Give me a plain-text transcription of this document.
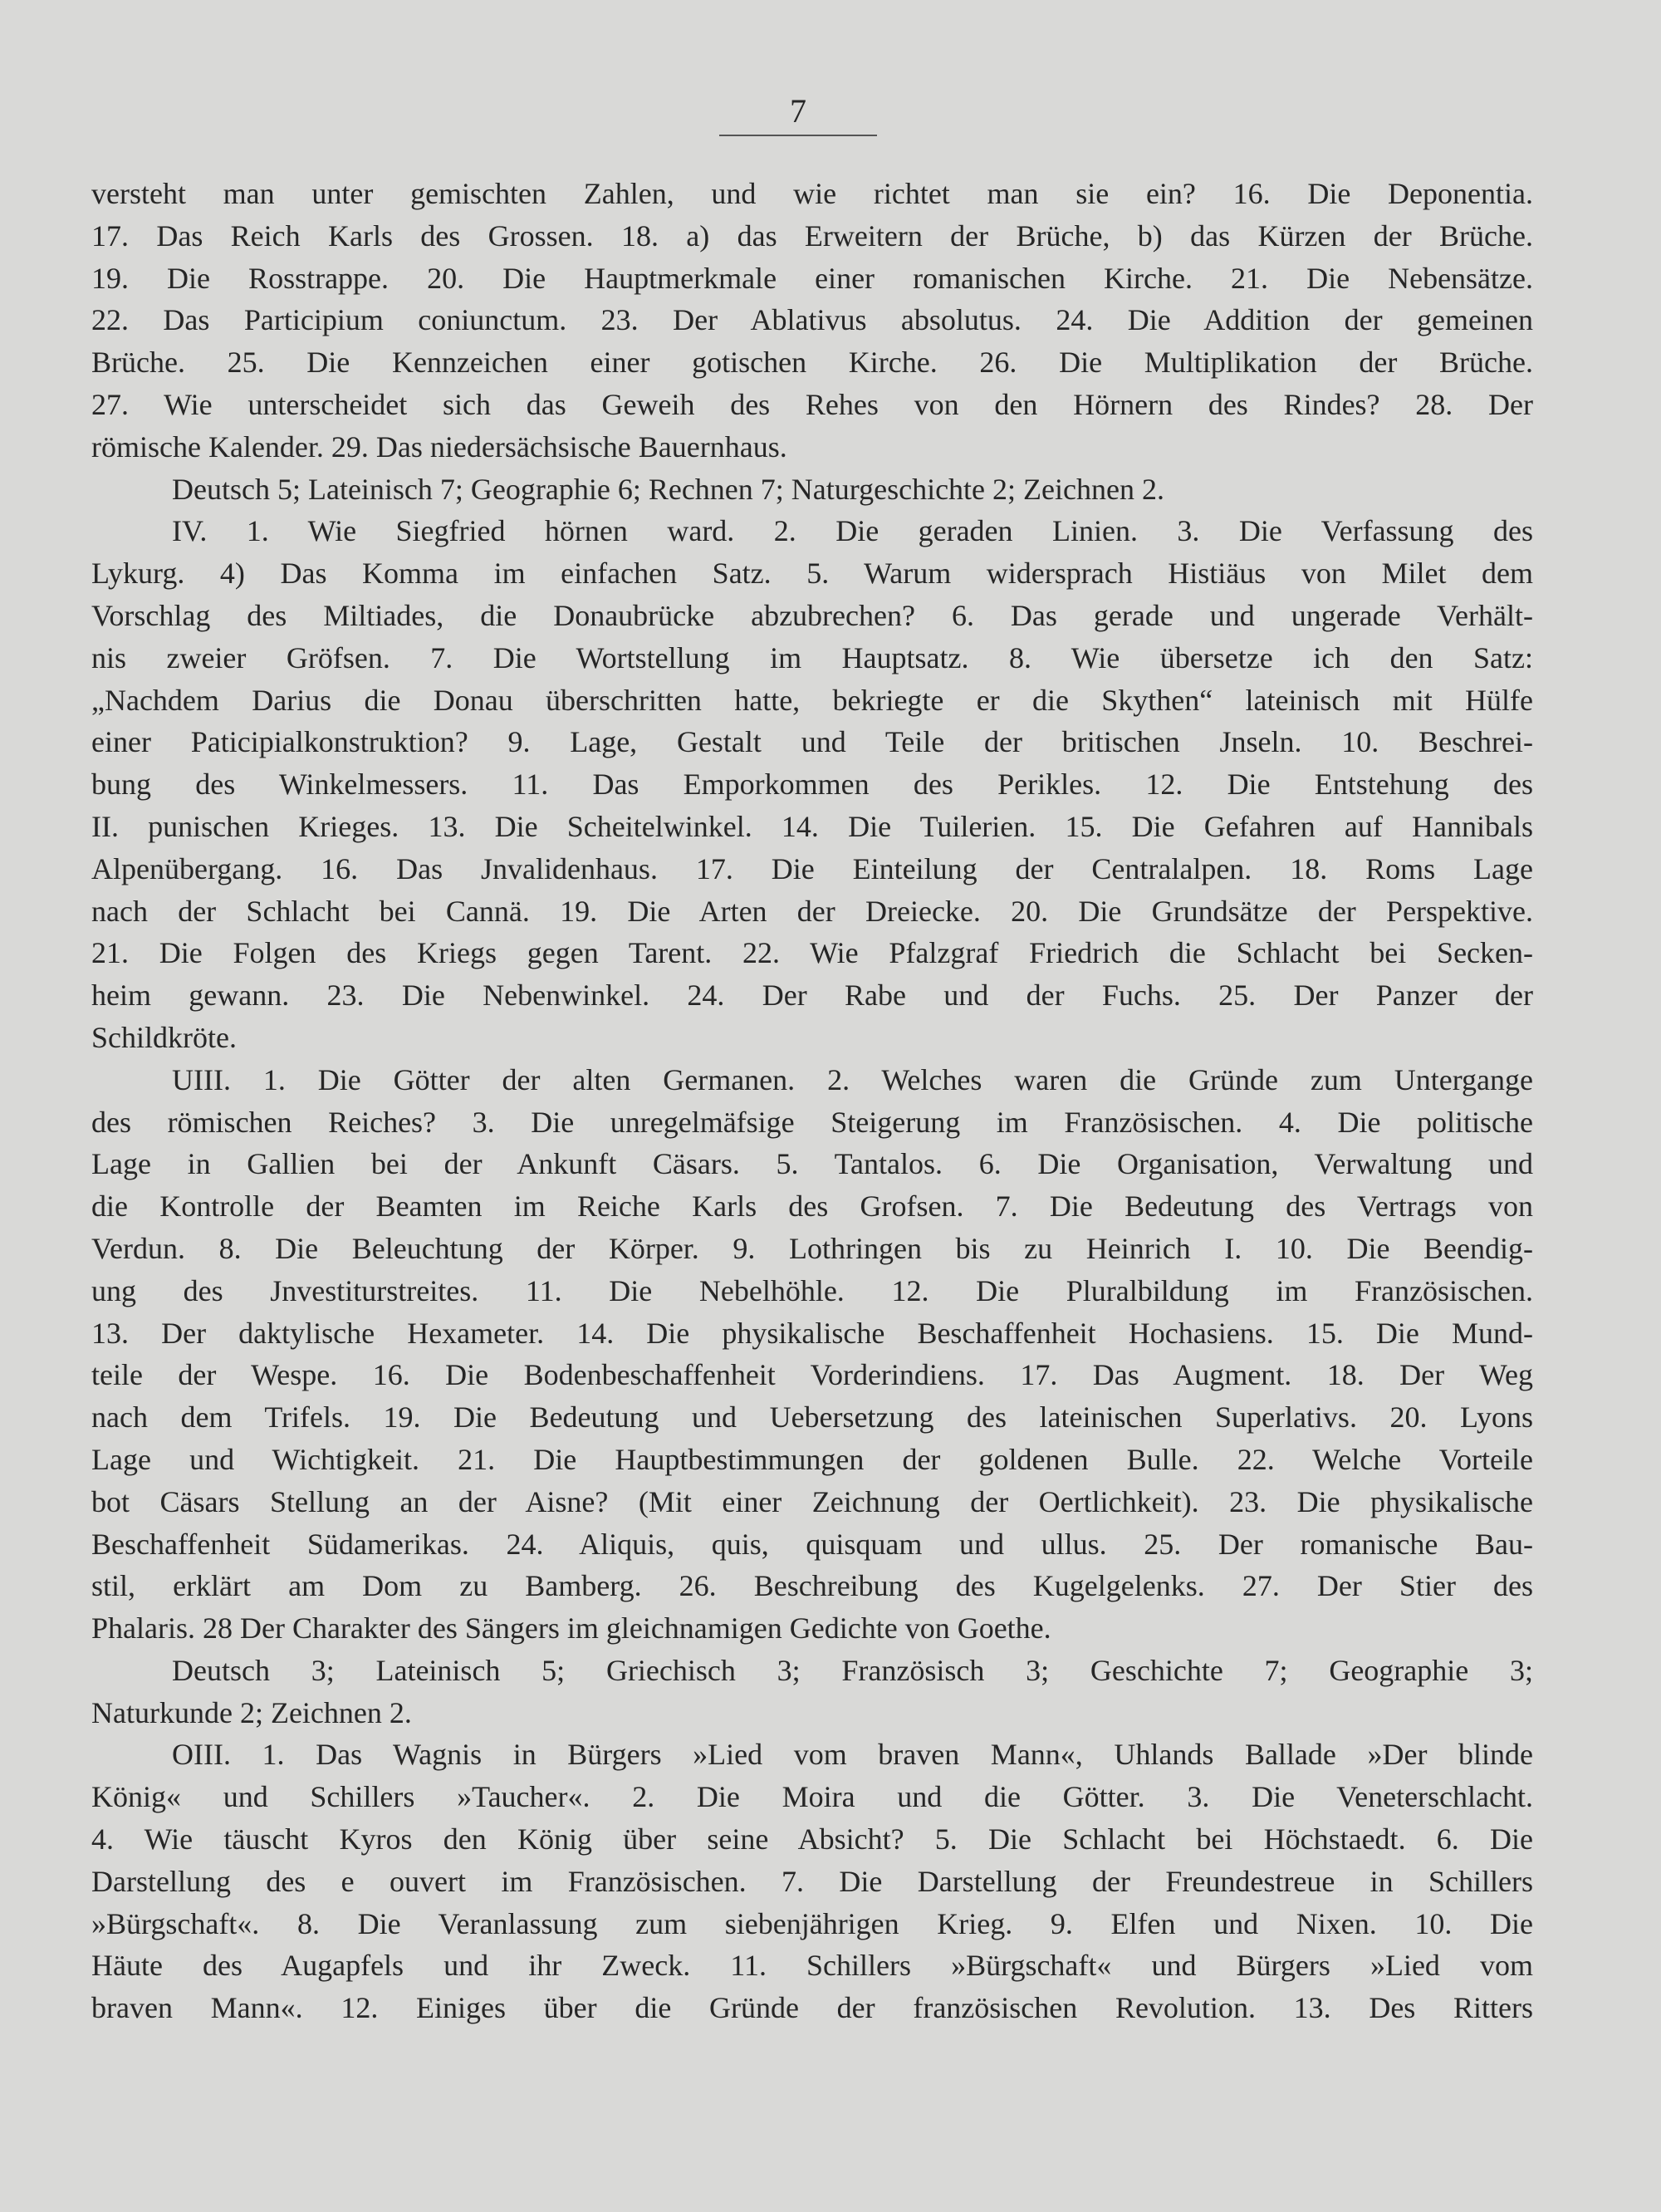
7
versteht man unter gemischten Zahlen, und wie richtet man sie ein? 16. Die Deponentia.
17. Das Reich Karls des Grossen. 18. a) das Erweitern der Brüche, b) das Kürzen der Brüche.
19. Die Rosstrappe. 20. Die Hauptmerkmale einer romanischen Kirche. 21. Die Nebensätze.
22. Das Participium coniunctum. 23. Der Ablativus absolutus. 24. Die Addition der gemeinen
Brüche. 25. Die Kennzeichen einer gotischen Kirche. 26. Die Multiplikation der Brüche.
27. Wie unterscheidet sich das Geweih des Rehes von den Hörnern des Rindes? 28. Der
römische Kalender. 29. Das niedersächsische Bauernhaus.
Deutsch 5; Lateinisch 7; Geographie 6; Rechnen 7; Naturgeschichte 2; Zeichnen 2.
IV. 1. Wie Siegfried hörnen ward. 2. Die geraden Linien. 3. Die Verfassung des
Lykurg. 4) Das Komma im einfachen Satz. 5. Warum widersprach Histiäus von Milet dem
Vorschlag des Miltiades, die Donaubrücke abzubrechen? 6. Das gerade und ungerade Verhält-
nis zweier Gröfsen. 7. Die Wortstellung im Hauptsatz. 8. Wie übersetze ich den Satz:
„Nachdem Darius die Donau überschritten hatte, bekriegte er die Skythen“ lateinisch mit Hülfe
einer Paticipialkonstruktion? 9. Lage, Gestalt und Teile der britischen Jnseln. 10. Beschrei-
bung des Winkelmessers. 11. Das Emporkommen des Perikles. 12. Die Entstehung des
II. punischen Krieges. 13. Die Scheitelwinkel. 14. Die Tuilerien. 15. Die Gefahren auf Hannibals
Alpenübergang. 16. Das Jnvalidenhaus. 17. Die Einteilung der Centralalpen. 18. Roms Lage
nach der Schlacht bei Cannä. 19. Die Arten der Dreiecke. 20. Die Grundsätze der Perspektive.
21. Die Folgen des Kriegs gegen Tarent. 22. Wie Pfalzgraf Friedrich die Schlacht bei Secken-
heim gewann. 23. Die Nebenwinkel. 24. Der Rabe und der Fuchs. 25. Der Panzer der
Schildkröte.
UIII. 1. Die Götter der alten Germanen. 2. Welches waren die Gründe zum Untergange
des römischen Reiches? 3. Die unregelmäfsige Steigerung im Französischen. 4. Die politische
Lage in Gallien bei der Ankunft Cäsars. 5. Tantalos. 6. Die Organisation, Verwaltung und
die Kontrolle der Beamten im Reiche Karls des Grofsen. 7. Die Bedeutung des Vertrags von
Verdun. 8. Die Beleuchtung der Körper. 9. Lothringen bis zu Heinrich I. 10. Die Beendig-
ung des Jnvestiturstreites. 11. Die Nebelhöhle. 12. Die Pluralbildung im Französischen.
13. Der daktylische Hexameter. 14. Die physikalische Beschaffenheit Hochasiens. 15. Die Mund-
teile der Wespe. 16. Die Bodenbeschaffenheit Vorderindiens. 17. Das Augment. 18. Der Weg
nach dem Trifels. 19. Die Bedeutung und Uebersetzung des lateinischen Superlativs. 20. Lyons
Lage und Wichtigkeit. 21. Die Hauptbestimmungen der goldenen Bulle. 22. Welche Vorteile
bot Cäsars Stellung an der Aisne? (Mit einer Zeichnung der Oertlichkeit). 23. Die physikalische
Beschaffenheit Südamerikas. 24. Aliquis, quis, quisquam und ullus. 25. Der romanische Bau-
stil, erklärt am Dom zu Bamberg. 26. Beschreibung des Kugelgelenks. 27. Der Stier des
Phalaris. 28 Der Charakter des Sängers im gleichnamigen Gedichte von Goethe.
Deutsch 3; Lateinisch 5; Griechisch 3; Französisch 3; Geschichte 7; Geographie 3;
Naturkunde 2; Zeichnen 2.
OIII. 1. Das Wagnis in Bürgers »Lied vom braven Mann«, Uhlands Ballade »Der blinde
König« und Schillers »Taucher«. 2. Die Moira und die Götter. 3. Die Veneterschlacht.
4. Wie täuscht Kyros den König über seine Absicht? 5. Die Schlacht bei Höchstaedt. 6. Die
Darstellung des e ouvert im Französischen. 7. Die Darstellung der Freundestreue in Schillers
»Bürgschaft«. 8. Die Veranlassung zum siebenjährigen Krieg. 9. Elfen und Nixen. 10. Die
Häute des Augapfels und ihr Zweck. 11. Schillers »Bürgschaft« und Bürgers »Lied vom
braven Mann«. 12. Einiges über die Gründe der französischen Revolution. 13. Des Ritters
